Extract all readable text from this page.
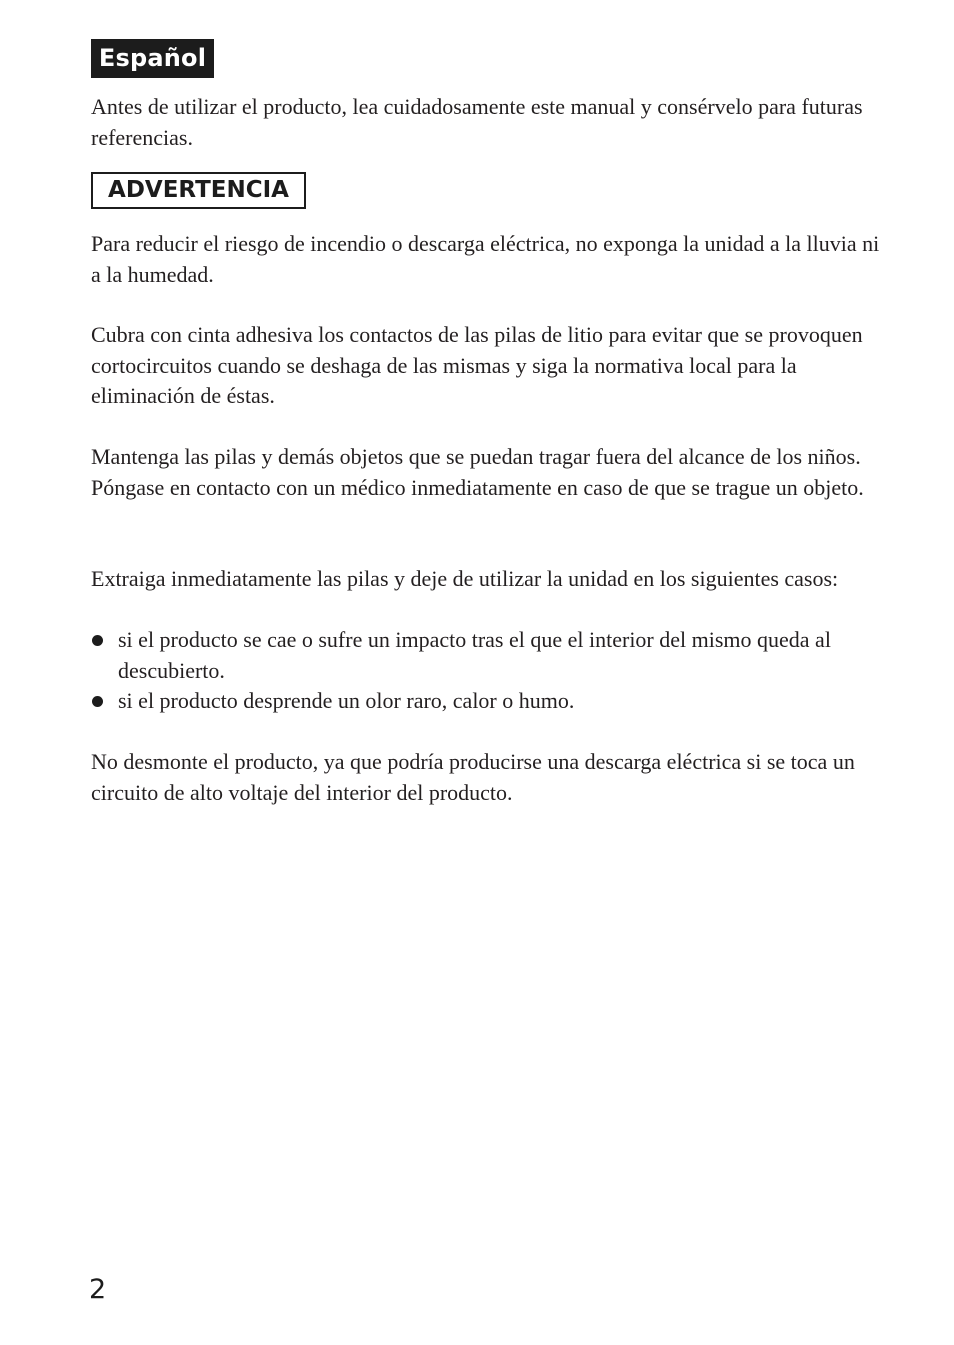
Español

Antes de utilizar el producto, lea cuidadosamente este manual y consérvelo para futuras referencias.

ADVERTENCIA

Para reducir el riesgo de incendio o descarga eléctrica, no exponga la unidad a la lluvia ni a la humedad.

Cubra con cinta adhesiva los contactos de las pilas de litio para evitar que se provoquen cortocircuitos cuando se deshaga de las mismas y siga la normativa local para la eliminación de éstas.

Mantenga las pilas y demás objetos que se puedan tragar fuera del alcance de los niños. Póngase en contacto con un médico inmediatamente en caso de que se trague un objeto.

Extraiga inmediatamente las pilas y deje de utilizar la unidad en los siguientes casos:

si el producto se cae o sufre un impacto tras el que el interior del mismo queda al descubierto.
si el producto desprende un olor raro, calor o humo.

No desmonte el producto, ya que podría producirse una descarga eléctrica si se toca un circuito de alto voltaje del interior del producto.

2
